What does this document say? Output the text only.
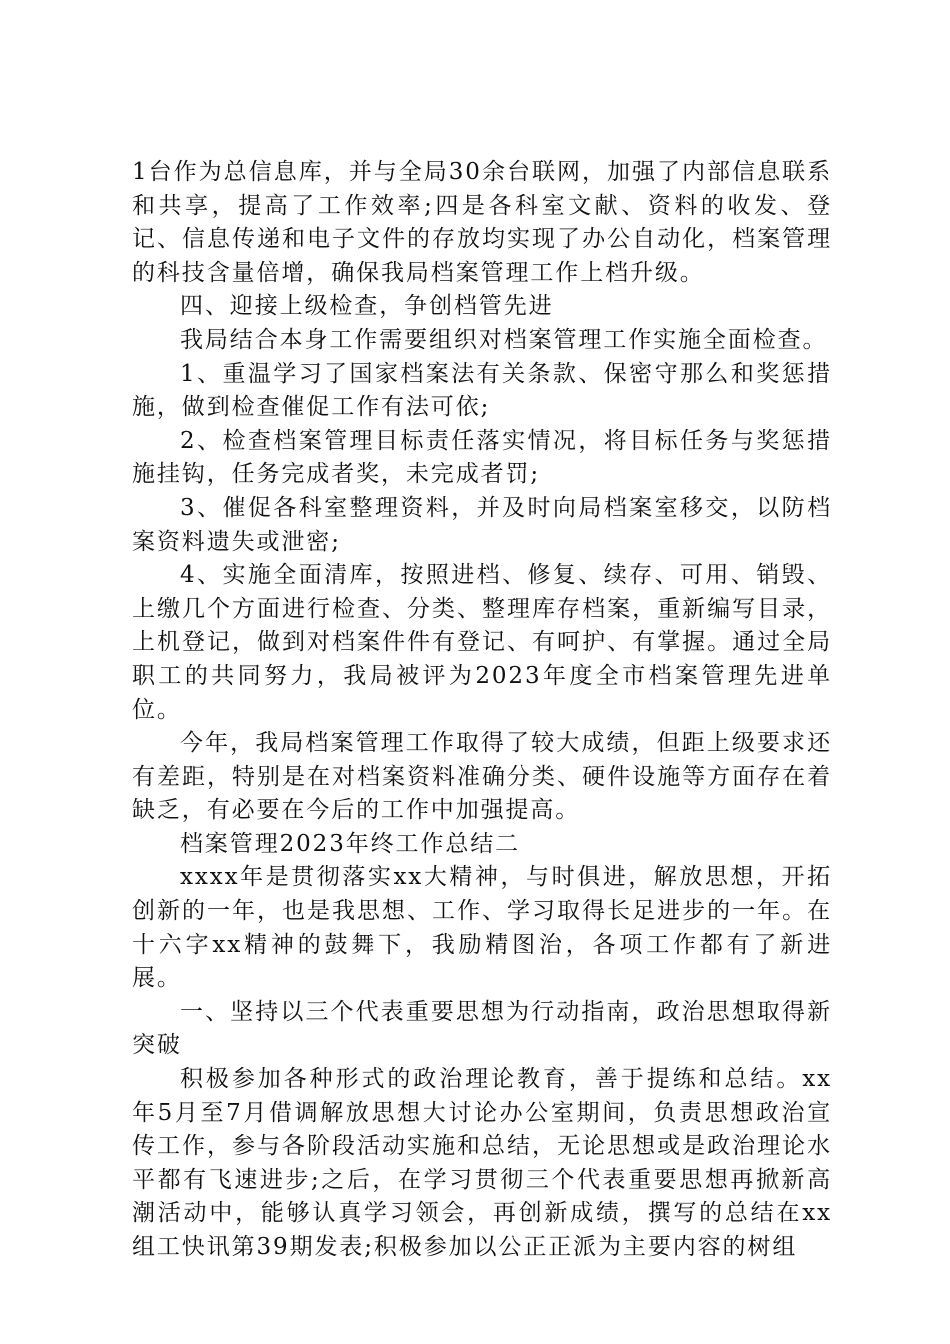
1台作为总信息库，并与全局30余台联网，加强了内部信息联系和共享，提高了工作效率;四是各科室文献、资料的收发、登记、信息传递和电子文件的存放均实现了办公自动化，档案管理的科技含量倍增，确保我局档案管理工作上档升级。

四、迎接上级检查，争创档管先进

我局结合本身工作需要组织对档案管理工作实施全面检查。

1、重温学习了国家档案法有关条款、保密守那么和奖惩措施，做到检查催促工作有法可依;

2、检查档案管理目标责任落实情况，将目标任务与奖惩措施挂钩，任务完成者奖，未完成者罚;

3、催促各科室整理资料，并及时向局档案室移交，以防档案资料遗失或泄密;

4、实施全面清库，按照进档、修复、续存、可用、销毁、上缴几个方面进行检查、分类、整理库存档案，重新编写目录，上机登记，做到对档案件件有登记、有呵护、有掌握。通过全局职工的共同努力，我局被评为2023年度全市档案管理先进单位。

今年，我局档案管理工作取得了较大成绩，但距上级要求还有差距，特别是在对档案资料准确分类、硬件设施等方面存在着缺乏，有必要在今后的工作中加强提高。

档案管理2023年终工作总结二

xxxx年是贯彻落实xx大精神，与时俱进，解放思想，开拓创新的一年，也是我思想、工作、学习取得长足进步的一年。在十六字xx精神的鼓舞下，我励精图治，各项工作都有了新进展。

一、坚持以三个代表重要思想为行动指南，政治思想取得新突破

积极参加各种形式的政治理论教育，善于提练和总结。xx年5月至7月借调解放思想大讨论办公室期间，负责思想政治宣传工作，参与各阶段活动实施和总结，无论思想或是政治理论水平都有飞速进步;之后，在学习贯彻三个代表重要思想再掀新高潮活动中，能够认真学习领会，再创新成绩，撰写的总结在xx组工快讯第39期发表;积极参加以公正正派为主要内容的树组
